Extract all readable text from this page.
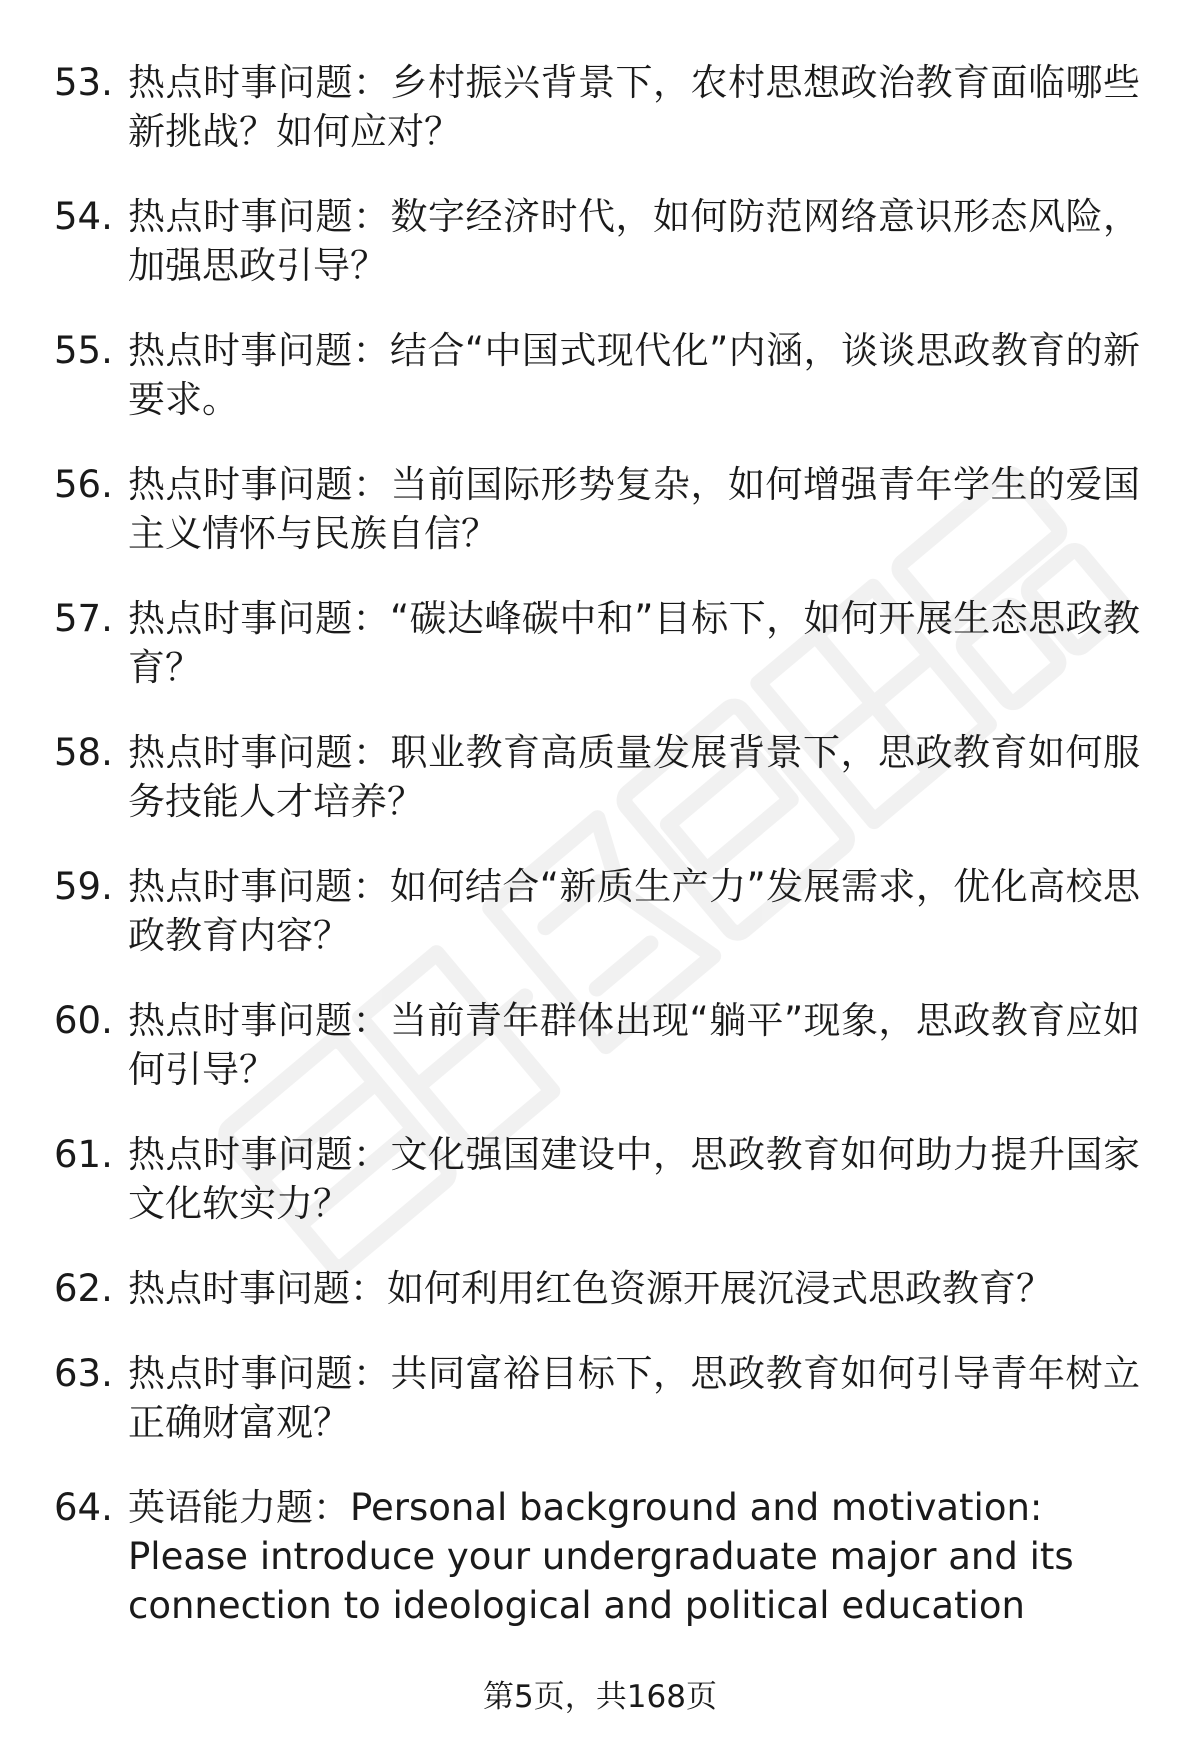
53. 热点时事问题：乡村振兴背景下，农村思想政治教育面临哪些新挑战？如何应对？
54. 热点时事问题：数字经济时代，如何防范网络意识形态风险，加强思政引导？
55. 热点时事问题：结合“中国式现代化”内涵，谈谈思政教育的新要求。
56. 热点时事问题：当前国际形势复杂，如何增强青年学生的爱国主义情怀与民族自信？
57. 热点时事问题：“碳达峰碳中和”目标下，如何开展生态思政教育？
58. 热点时事问题：职业教育高质量发展背景下，思政教育如何服务技能人才培养？
59. 热点时事问题：如何结合“新质生产力”发展需求，优化高校思政教育内容？
60. 热点时事问题：当前青年群体出现“躺平”现象，思政教育应如何引导？
61. 热点时事问题：文化强国建设中，思政教育如何助力提升国家文化软实力？
62. 热点时事问题：如何利用红色资源开展沉浸式思政教育？
63. 热点时事问题：共同富裕目标下，思政教育如何引导青年树立正确财富观？
64. 英语能力题：Personal background and motivation: Please introduce your undergraduate major and its connection to ideological and political education
第5页，共168页
